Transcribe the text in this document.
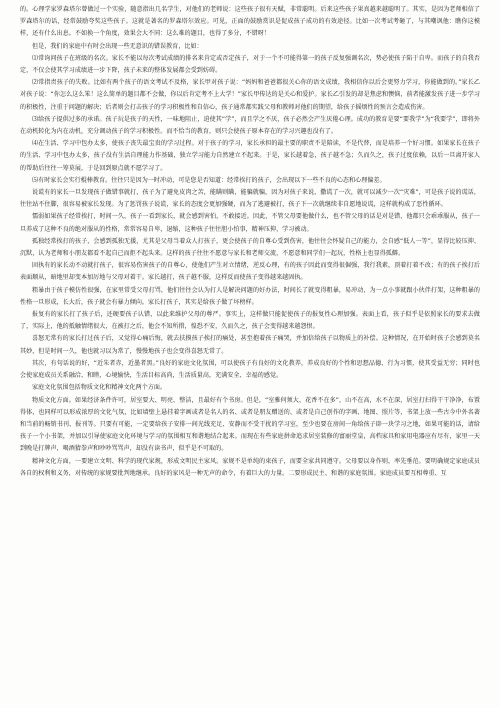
的。心理学家罗森塔尔曾做过一个实验，随意指出几名学生，对他们的老师说：这些孩子很有天赋，非常聪明。后来这些孩子果真越来越聪明了。其实，是因为老师相信了罗森塔尔的话，经常鼓励夸奖这些孩子。这就是著名的罗森塔尔效应。可见，正面的鼓励赏识是促成孩子成功的有效途径。比如一次考试考砸了，与其嘲讽他：瞧你这模样，还有什么出息。不如换一个角度，效果会大不同：这么难的题目，也得了多分，不错呀！

但是，我们的家庭中有时会出现一些无意识的错误教育，比如：

⑴常询问孩子在班级的名次。家长不能以每次考试成绩的排名来肯定或否定孩子，对于一个不可能得第一的孩子反复强调名次，势必使孩子陷于自卑。而孩子的自我否定，不仅会使其学习成绩进一步下降，孩子未来的整体发展都会受到妨碍。

⑵常指责孩子的失败。比如有两个孩子的语文考试不及格，家长甲对孩子说：“妈妈和爸爸都很关心你的语文成绩，我相信你以后会更努力学习，你能做到的。”家长乙对孩子说：“你怎么这么笨！这么简单的题目都不会做，你以后肯定考不上大学！”家长甲传达的是关心和爱护。家长乙引发的却是焦虑和懊恼，前者能激发孩子进一步学习的积极性，注重于问题的解决；后者则会打击孩子的学习积极性和自信心，孩子通常都实践父母和教师对他们的期望，给孩子摇烦性的预言会造成伤害。

⑶给孩子提供过多的承诺。孩子玩是孩子的天性，一味地阻止，迫使其“学”，而且学之不厌，孩子必然会产生厌倦心理。成功的教育是要“要我学”为“我要学”，即将外在动机转化为内在动机，充分调动孩子的学习积极性。而不恰当的教育，则只会使孩子原本存在的学习兴趣也没有了。

⑷在生活、学习中包办太多，使孩子丧失最宝贵的学习过程。对于孩子的学习，家长承担的最主要的职责不是陪读，不是代替，而是培养一个好习惯。如果家长在孩子的生活、学习中包办太多，孩子没有生活自理能力作基础，独立学习能力自然建立不起来。于是，家长越着急，孩子越不急；久而久之，孩子过度依赖，以后一旦离开家人的帮助后往往一筹莫展，于是回到原点就不愿学习了。

⑸有时家长会实行棍棒教育。往往只是因为一时冲动，可是您是否知道：经常挨打的孩子，会出现以下一些不良的心态和心理偏差。

说谎有的家长一旦发现孩子做错事就打，孩子为了避免皮肉之苦，能瞒则瞒，能骗就骗，因为对孩子来说，撒谎了一次，就可以减少一次“灾难”，可是孩子说的谎话，往往站不住脚，很容易被家长发现。为了惩罚孩子说谎，家长的态度会更加强硬，而为了逃避被打，孩子下一次就继续非自愿地说谎，这样就构成了恶性循环。

懦弱如果孩子经常挨打，时间一久，孩子一看到家长，就会感到害怕，不敢接近。因此，不管父母要他做什么，也不管父母的话是对是错，他都只会乖乖服从，孩子一旦养成了这种不良的绝对服从的性格，常常容易自卑，退缩，这种孩子往往胆小怕事，精神压抑，学习被动。

孤独经常挨打的孩子，会感到孤独无援，尤其是父母当着众人打孩子，更会使孩子的自尊心受到伤害，他往往会怀疑自己的能力，会自感“低人一等”，显得比较压抑、沉默，认为老师和小朋友都看不起自己而拒不起头来。这样的孩子往往不愿意与家长和老师交流，不愿意和同学们一起玩，性格上也显得孤僻。

固执有的家长动不动就打孩子，很容易伤害孩子的自尊心，使他们产生对立情绪，逆反心理，有的孩子因此而变得很倔强，我行我素，顶着打着不改；有的孩子挨打后表面顺从，暗地里却变本加厉地与父母对着干。家长越打，孩子越不服，这样反而使孩子变得越来越固执。

粗暴由于孩子模仿性很强，在家里常受父母打骂，他们往往会认为打人是解决问题的好办法，时间长了就变得粗暴，易冲动，为一点小事就跟小伙伴打架，这种粗暴的性格一旦形成，长大后，孩子就会有暴力倾向。家长打孩子，其实是给孩子做了坏榜样。

报复有的家长打了孩子后，还硬要孩子认错，以此来维护父母的尊严。事实上，这样做只能促使孩子的报复性心理加强。表面上看，孩子似乎是依照家长的要求去做了，实际上，他的抵触情绪很大，在被打之后，他会不知所措，惶恐不安，久而久之，孩子会变得越来越怨恨。

喜怒无常有的家长打过孩子后，又觉得心痛后悔，就去扶摸孩子挨打的痛处，甚至抱着孩子痛哭，并加倍给孩子以物质上的补偿。这种情况，在开始时孩子会感到莫名其妙，但是时间一久，他也就习以为常了，慢慢地孩子也会变得喜怒无常了。

其次，有句话说的好，“近朱者赤，近墨者黑。”良好的家庭文化氛围，可以使孩子有良好的文化教养，养成良好的个性和思想品德、行为习惯，使其受益无穷；同时也会使家庭成员关系融洽、和睦，心境愉快，生活目标高尚，生活质量高，充满安全、幸福的感觉。

家庭文化氛围包括物质文化和精神文化两个方面。

物质文化方面。如果经济条件许可，居室要大、明亮、整洁，且最好有个书房。但是，“室雅何须大，花香不在多”，山不在高，水不在深，居室打扫得干干净净，布置得体，也同样可以形成浓厚的文化气氛，比如墙壁上悬挂着字画或者是名人的名、或者是朋友赠送的、或者是自己创作的字画、地图、照片等，书架上放一些古今中外名著和当前的畅销书刊、报刊等。只要有可能，一定要给孩子安排一间光线充足、安静而不受干扰的学习室，至少也要在房间一角给孩子辟一块学习之地，如果可能的话，请给孩子一个小书架，并加以引导使家庭文化环境与学习的氛围相互和谐地结合起来。而现在有些家庭拼命追求居室装修的富丽堂皇，高档家具和家用电器应有尽有，家里一天到晚是打牌声，喝酒猜拳声和吵吵骂骂声，却没有读书声，似乎是不可取的。

精神文化方面，一要建立文明、科学的现代家规，形成文明民主家风。家规不是单纯的束孩子，而要全家共同遵守。父母要以身作则，率先垂范。要明确规定家庭成员各自的权利和义务，对传统的家规要批判地继承。良好的家风是一种无声的命令，有着巨大的力量。二要形成民主、和谐的家庭氛围。家庭成员要互相尊重、互
